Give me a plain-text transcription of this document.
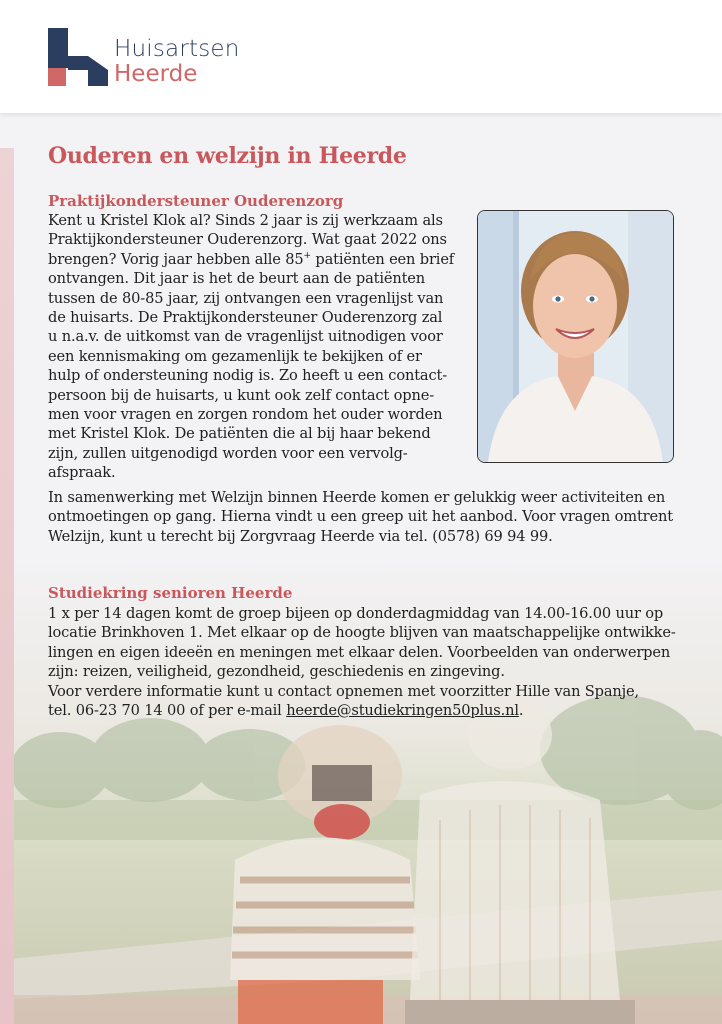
Huisartsen
Heerde
Ouderen en welzijn in Heerde
Praktijkondersteuner Ouderenzorg

Kent u Kristel Klok al? Sinds 2 jaar is zij werkzaam als
Praktijkondersteuner Ouderenzorg. Wat gaat 2022 ons
brengen? Vorig jaar hebben alle 85+ patiënten een brief
ontvangen. Dit jaar is het de beurt aan de patiënten
tussen de 80-85 jaar, zij ontvangen een vragenlijst van
de huisarts. De Praktijkondersteuner Ouderenzorg zal
u n.a.v. de uitkomst van de vragenlijst uitnodigen voor
een kennismaking om gezamenlijk te bekijken of er
hulp of ondersteuning nodig is. Zo heeft u een contact-
persoon bij de huisarts, u kunt ook zelf contact opne-
men voor vragen en zorgen rondom het ouder worden
met Kristel Klok. De patiënten die al bij haar bekend
zijn, zullen uitgenodigd worden voor een vervolg-
afspraak.

In samenwerking met Welzijn binnen Heerde komen er gelukkig weer activiteiten en
ontmoetingen op gang. Hierna vindt u een greep uit het aanbod. Voor vragen omtrent
Welzijn, kunt u terecht bij Zorgvraag Heerde via tel. (0578) 69 94 99.

Studiekring senioren Heerde

1 x per 14 dagen komt de groep bijeen op donderdagmiddag van 14.00-16.00 uur op
locatie Brinkhoven 1. Met elkaar op de hoogte blijven van maatschappelijke ontwikke-
lingen en eigen ideeën en meningen met elkaar delen. Voorbeelden van onderwerpen
zijn: reizen, veiligheid, gezondheid, geschiedenis en zingeving.
Voor verdere informatie kunt u contact opnemen met voorzitter Hille van Spanje,
tel. 06-23 70 14 00 of per e-mail heerde@studiekringen50plus.nl.
